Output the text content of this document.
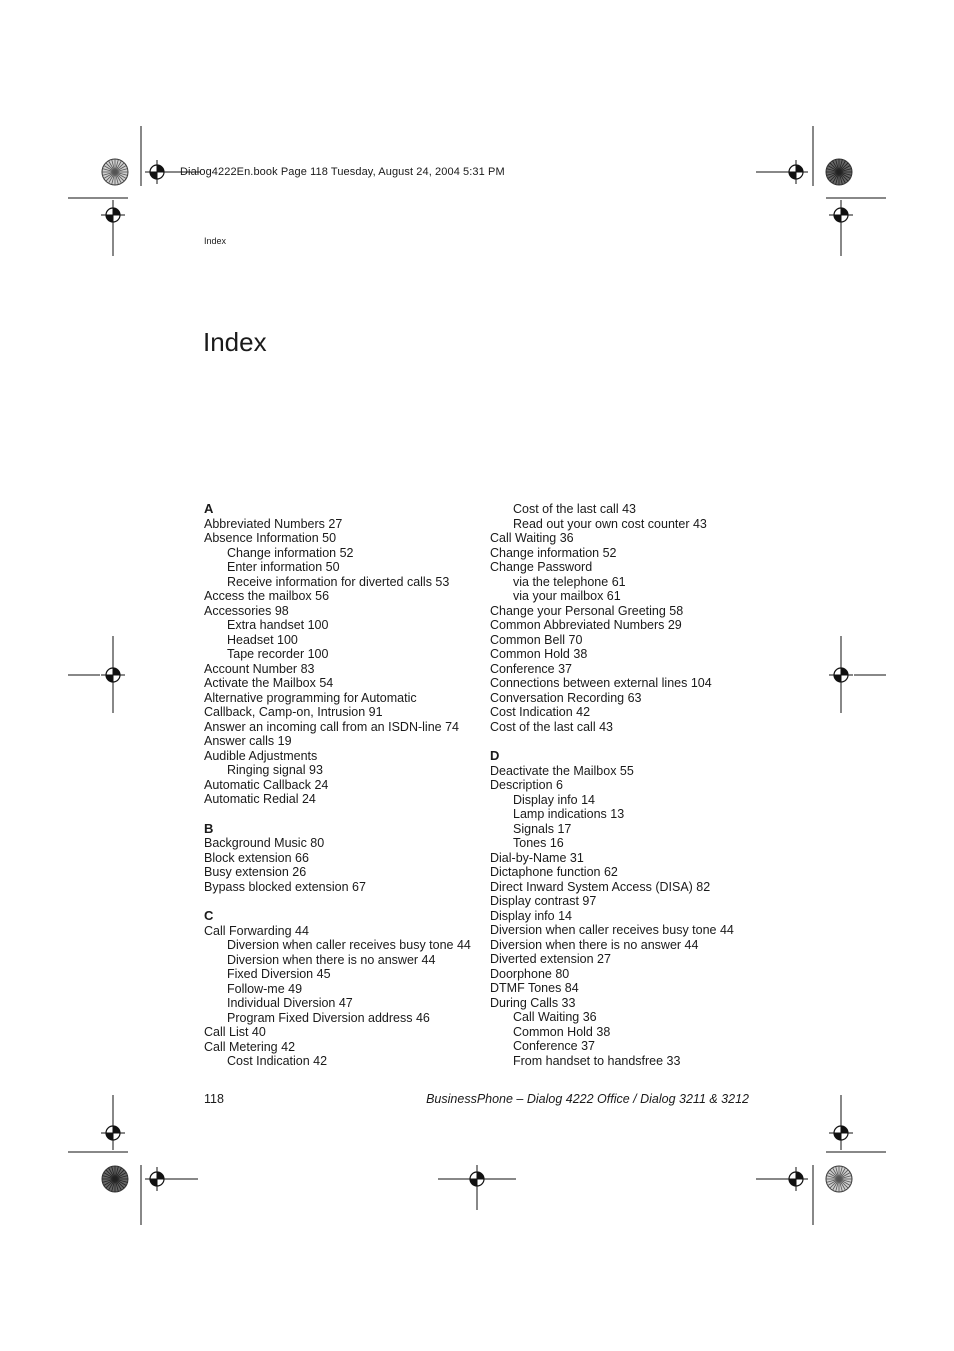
Dialog4222En.book Page 118 Tuesday, August 24, 2004 5:31 PM
Index
Index
A
Abbreviated Numbers 27
Absence Information 50
Change information 52
Enter information 50
Receive information for diverted calls 53
Access the mailbox 56
Accessories 98
Extra handset 100
Headset 100
Tape recorder 100
Account Number 83
Activate the Mailbox 54
Alternative programming for Automatic
Callback, Camp-on, Intrusion 91
Answer an incoming call from an ISDN-line 74
Answer calls 19
Audible Adjustments
Ringing signal 93
Automatic Callback 24
Automatic Redial 24
B
Background Music 80
Block extension 66
Busy extension 26
Bypass blocked extension 67
C
Call Forwarding 44
Diversion when caller receives busy tone 44
Diversion when there is no answer 44
Fixed Diversion 45
Follow-me 49
Individual Diversion 47
Program Fixed Diversion address 46
Call List 40
Call Metering 42
Cost Indication 42
Cost of the last call 43
Read out your own cost counter 43
Call Waiting 36
Change information 52
Change Password
via the telephone 61
via your mailbox 61
Change your Personal Greeting 58
Common Abbreviated Numbers 29
Common Bell 70
Common Hold 38
Conference 37
Connections between external lines 104
Conversation Recording 63
Cost Indication 42
Cost of the last call 43
D
Deactivate the Mailbox 55
Description 6
Display info 14
Lamp indications 13
Signals 17
Tones 16
Dial-by-Name 31
Dictaphone function 62
Direct Inward System Access (DISA) 82
Display contrast 97
Display info 14
Diversion when caller receives busy tone 44
Diversion when there is no answer 44
Diverted extension 27
Doorphone 80
DTMF Tones 84
During Calls 33
Call Waiting 36
Common Hold 38
Conference 37
From handset to handsfree 33
118	BusinessPhone – Dialog 4222 Office / Dialog 3211 & 3212
